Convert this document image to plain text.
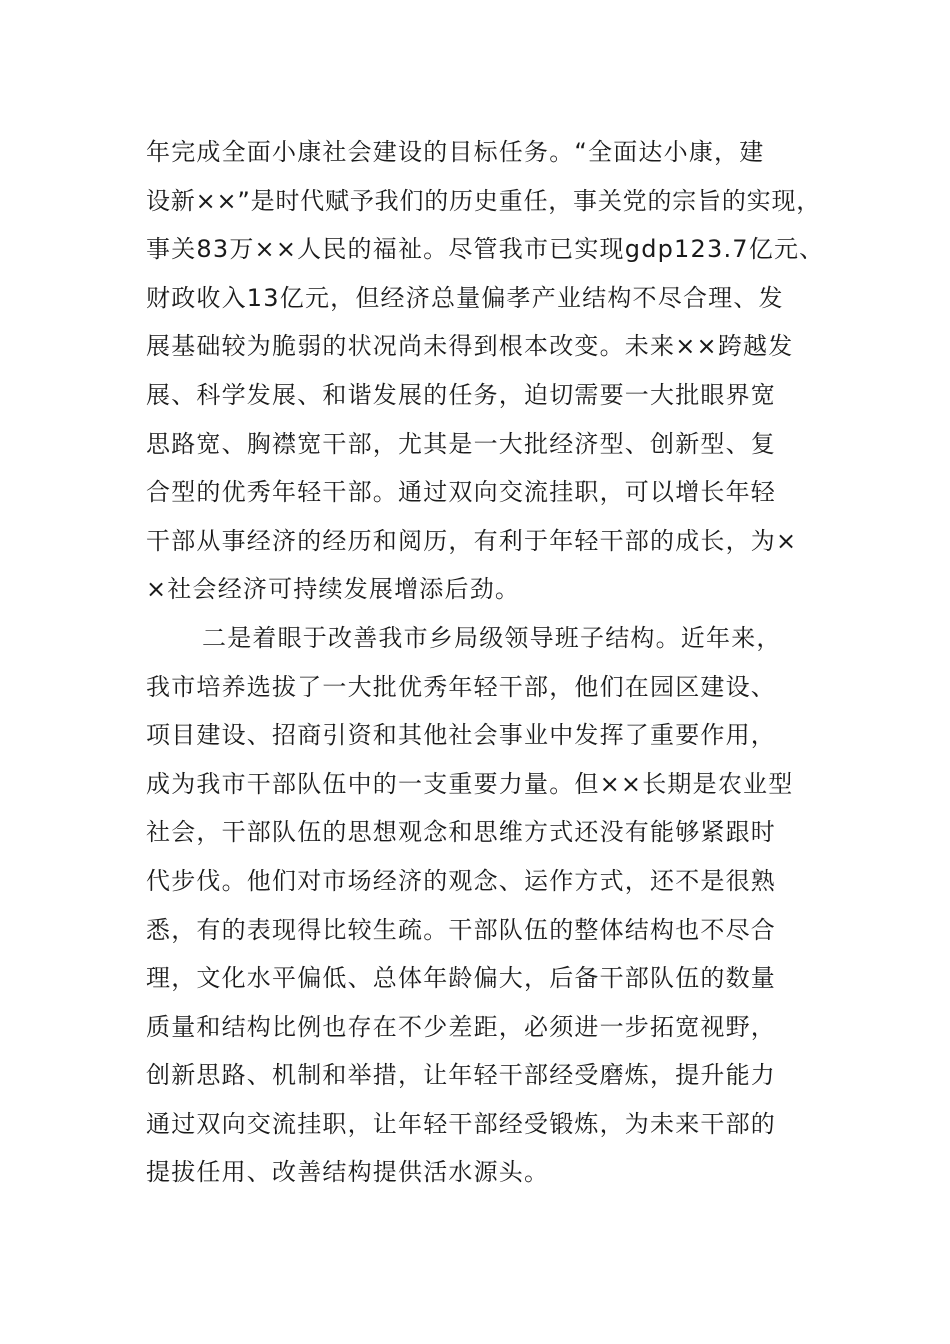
年完成全面小康社会建设的目标任务。“全面达小康，建
设新××”是时代赋予我们的历史重任，事关党的宗旨的实现，
事关83万××人民的福祉。尽管我市已实现gdp123.7亿元、
财政收入13亿元，但经济总量偏孝产业结构不尽合理、发
展基础较为脆弱的状况尚未得到根本改变。未来××跨越发
展、科学发展、和谐发展的任务，迫切需要一大批眼界宽
思路宽、胸襟宽干部，尤其是一大批经济型、创新型、复
合型的优秀年轻干部。通过双向交流挂职，可以增长年轻
干部从事经济的经历和阅历，有利于年轻干部的成长，为×
×社会经济可持续发展增添后劲。
二是着眼于改善我市乡局级领导班子结构。近年来，
我市培养选拔了一大批优秀年轻干部，他们在园区建设、
项目建设、招商引资和其他社会事业中发挥了重要作用，
成为我市干部队伍中的一支重要力量。但××长期是农业型
社会，干部队伍的思想观念和思维方式还没有能够紧跟时
代步伐。他们对市场经济的观念、运作方式，还不是很熟
悉，有的表现得比较生疏。干部队伍的整体结构也不尽合
理，文化水平偏低、总体年龄偏大，后备干部队伍的数量
质量和结构比例也存在不少差距，必须进一步拓宽视野，
创新思路、机制和举措，让年轻干部经受磨炼，提升能力
通过双向交流挂职，让年轻干部经受锻炼，为未来干部的
提拔任用、改善结构提供活水源头。
